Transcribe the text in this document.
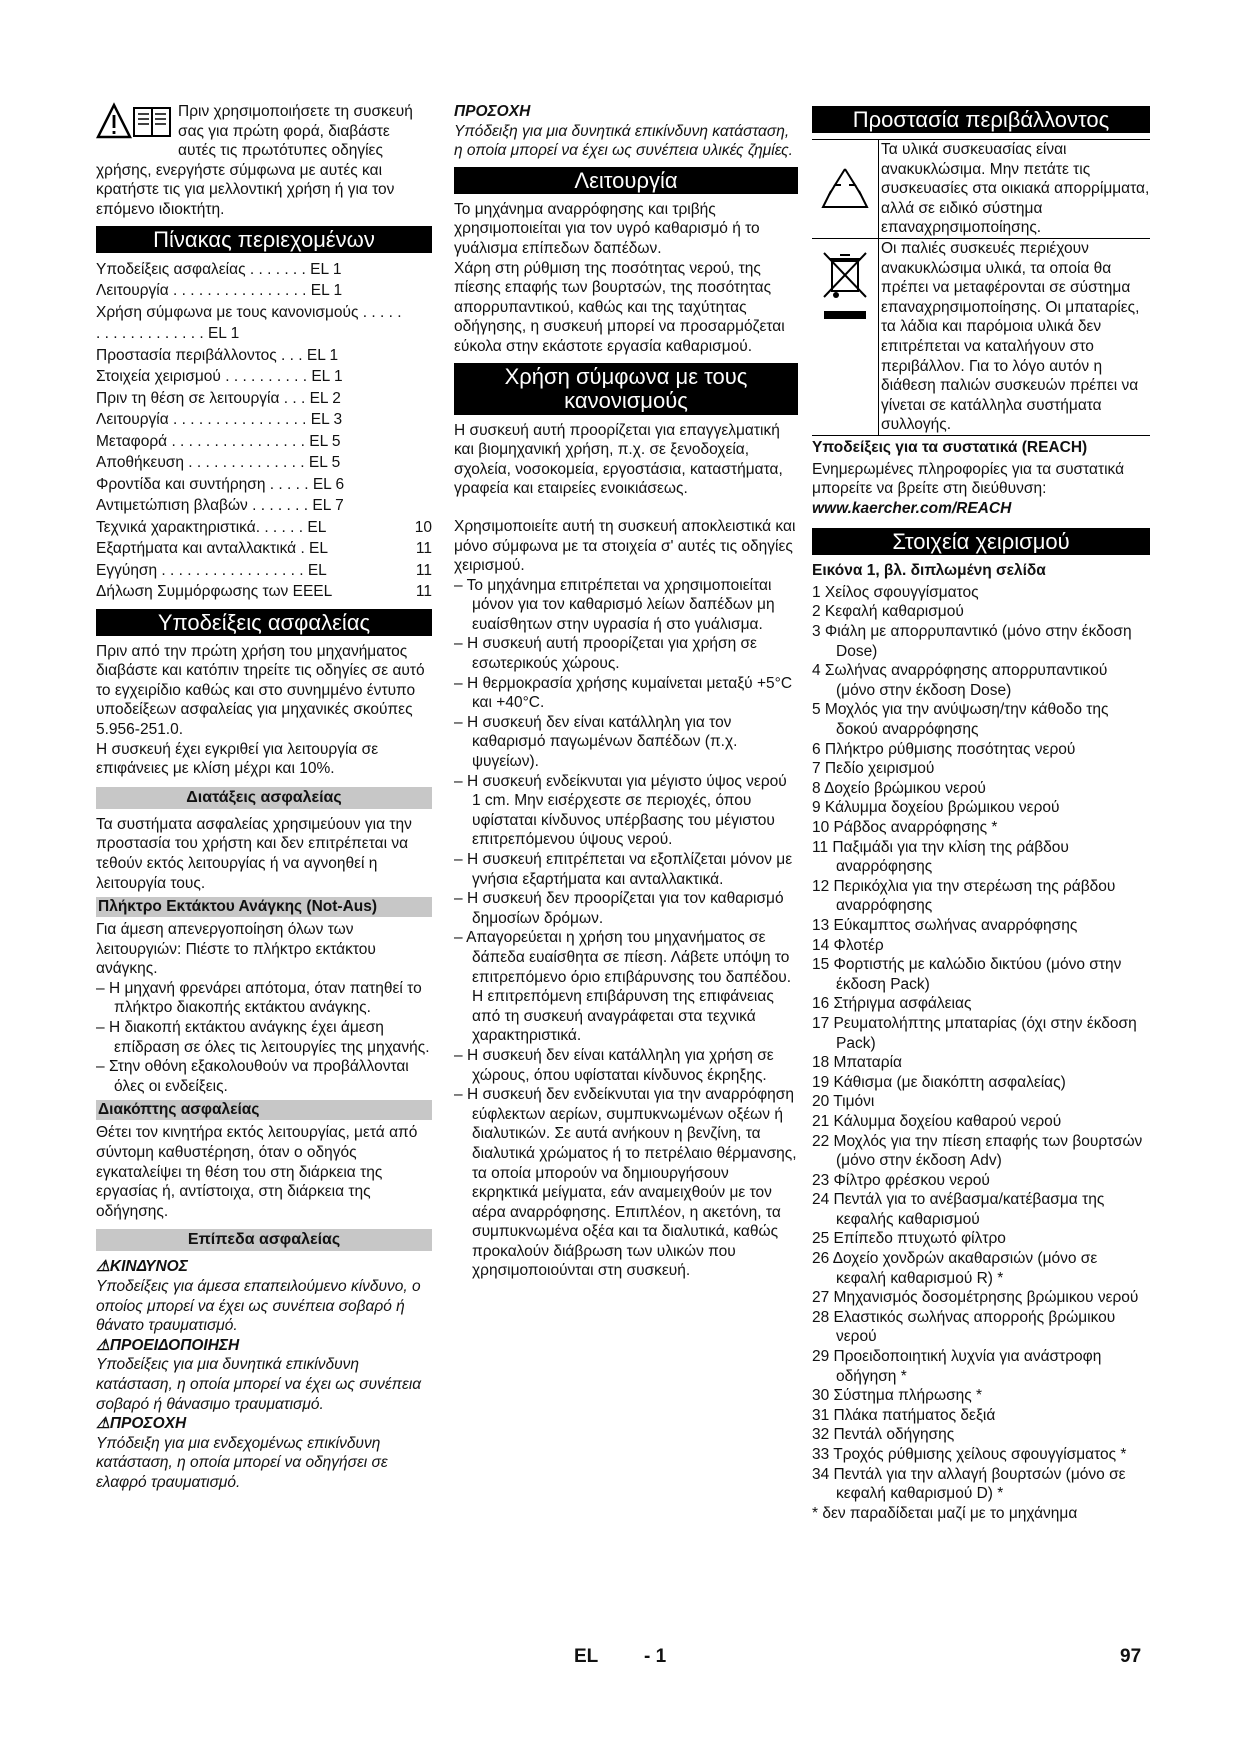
Πριν χρησιμοποιήσετε τη συσκευή σας για πρώτη φορά, διαβάστε αυτές τις πρωτότυπες οδηγίες χρήσης, ενεργήστε σύμφωνα με αυτές και κρατήστε τις για μελλοντική χρήση ή για τον επόμενο ιδιοκτήτη.

Πίνακας περιεχομένων
Υποδείξεις ασφαλείας . . . . . . . EL 1	
Λειτουργία . . . . . . . . . . . . . . . . EL 1	
Χρήση σύμφωνα με τους κανονισμούς . . . . . . . . . . . . . . . . . . EL 1	
Προστασία περιβάλλοντος . . . EL 1	
Στοιχεία χειρισμού . . . . . . . . . . EL 1	
Πριν τη θέση σε λειτουργία . . . EL 2	
Λειτουργία . . . . . . . . . . . . . . . . EL 3	
Μεταφορά . . . . . . . . . . . . . . . . EL 5	
Αποθήκευση . . . . . . . . . . . . . . EL 5	
Φροντίδα και συντήρηση . . . . . EL 6	
Αντιμετώπιση βλαβών . . . . . . . EL 7	
Τεχνικά χαρακτηριστικά. . . . . . EL	10
Εξαρτήματα και ανταλλακτικά . EL	11
Εγγύηση . . . . . . . . . . . . . . . . . EL	11
Δήλωση Συμμόρφωσης των ΕΕEL	11
Υποδείξεις ασφαλείας

Πριν από την πρώτη χρήση του μηχανήματος διαβάστε και κατόπιν τηρείτε τις οδηγίες σε αυτό το εγχειρίδιο καθώς και στο συνημμένο έντυπο υποδείξεων ασφαλείας για μηχανικές σκούπες 5.956-251.0.

Η συσκευή έχει εγκριθεί για λειτουργία σε επιφάνειες με κλίση μέχρι και 10%.

Διατάξεις ασφαλείας

Τα συστήματα ασφαλείας χρησιμεύουν για την προστασία του χρήστη και δεν επιτρέπεται να τεθούν εκτός λειτουργίας ή να αγνοηθεί η λειτουργία τους.

Πλήκτρο Εκτάκτου Ανάγκης (Not-Aus)

Για άμεση απενεργοποίηση όλων των λειτουργιών: Πιέστε το πλήκτρο εκτάκτου ανάγκης.

– Η μηχανή φρενάρει απότομα, όταν πατηθεί το πλήκτρο διακοπής εκτάκτου ανάγκης.

– Η διακοπή εκτάκτου ανάγκης έχει άμεση επίδραση σε όλες τις λειτουργίες της μηχανής.

– Στην οθόνη εξακολουθούν να προβάλλονται όλες οι ενδείξεις.

Διακόπτης ασφαλείας

Θέτει τον κινητήρα εκτός λειτουργίας, μετά από σύντομη καθυστέρηση, όταν ο οδηγός εγκαταλείψει τη θέση του στη διάρκεια της εργασίας ή, αντίστοιχα, στη διάρκεια της οδήγησης.

Επίπεδα ασφαλείας

⚠ΚΙΝΔΥΝΟΣ

Υποδείξεις για άμεσα επαπειλούμενο κίνδυνο, ο οποίος μπορεί να έχει ως συνέπεια σοβαρό ή θάνατο τραυματισμό.

⚠ΠΡΟΕΙΔΟΠΟΙΗΣΗ

Υποδείξεις για μια δυνητικά επικίνδυνη κατάσταση, η οποία μπορεί να έχει ως συνέπεια σοβαρό ή θάνασιμο τραυματισμό.

⚠ΠΡΟΣΟΧΗ

Υπόδειξη για μια ενδεχομένως επικίνδυνη κατάσταση, η οποία μπορεί να οδηγήσει σε ελαφρό τραυματισμό.

ΠΡΟΣΟΧΗ

Υπόδειξη για μια δυνητικά επικίνδυνη κατάσταση, η οποία μπορεί να έχει ως συνέπεια υλικές ζημίες.

Λειτουργία

Το μηχάνημα αναρρόφησης και τριβής χρησιμοποιείται για τον υγρό καθαρισμό ή το γυάλισμα επίπεδων δαπέδων.

Χάρη στη ρύθμιση της ποσότητας νερού, της πίεσης επαφής των βουρτσών, της ποσότητας απορρυπαντικού, καθώς και της ταχύτητας οδήγησης, η συσκευή μπορεί να προσαρμόζεται εύκολα στην εκάστοτε εργασία καθαρισμού.

Χρήση σύμφωνα με τους
κανονισμούς

Η συσκευή αυτή προορίζεται για επαγγελματική και βιομηχανική χρήση, π.χ. σε ξενοδοχεία, σχολεία, νοσοκομεία, εργοστάσια, καταστήματα, γραφεία και εταιρείες ενοικιάσεως.

Χρησιμοποιείτε αυτή τη συσκευή αποκλειστικά και μόνο σύμφωνα με τα στοιχεία σ' αυτές τις οδηγίες χειρισμού.

– Το μηχάνημα επιτρέπεται να χρησιμοποιείται μόνον για τον καθαρισμό λείων δαπέδων μη ευαίσθητων στην υγρασία ή στο γυάλισμα.

– Η συσκευή αυτή προορίζεται για χρήση σε εσωτερικούς χώρους.

– Η θερμοκρασία χρήσης κυμαίνεται μεταξύ +5°C και +40°C.

– Η συσκευή δεν είναι κατάλληλη για τον καθαρισμό παγωμένων δαπέδων (π.χ. ψυγείων).

– Η συσκευή ενδείκνυται για μέγιστο ύψος νερού 1 cm. Μην εισέρχεστε σε περιοχές, όπου υφίσταται κίνδυνος υπέρβασης του μέγιστου επιτρεπόμενου ύψους νερού.

– Η συσκευή επιτρέπεται να εξοπλίζεται μόνον με γνήσια εξαρτήματα και ανταλλακτικά.

– Η συσκευή δεν προορίζεται για τον καθαρισμό δημοσίων δρόμων.

– Απαγορεύεται η χρήση του μηχανήματος σε δάπεδα ευαίσθητα σε πίεση. Λάβετε υπόψη το επιτρεπόμενο όριο επιβάρυνσης του δαπέδου. Η επιτρεπόμενη επιβάρυνση της επιφάνειας από τη συσκευή αναγράφεται στα τεχνικά χαρακτηριστικά.

– Η συσκευή δεν είναι κατάλληλη για χρήση σε χώρους, όπου υφίσταται κίνδυνος έκρηξης.

– Η συσκευή δεν ενδείκνυται για την αναρρόφηση εύφλεκτων αερίων, συμπυκνωμένων οξέων ή διαλυτικών. Σε αυτά ανήκουν η βενζίνη, τα διαλυτικά χρώματος ή το πετρέλαιο θέρμανσης, τα οποία μπορούν να δημιουργήσουν εκρηκτικά μείγματα, εάν αναμειχθούν με τον αέρα αναρρόφησης. Επιπλέον, η ακετόνη, τα συμπυκνωμένα οξέα και τα διαλυτικά, καθώς προκαλούν διάβρωση των υλικών που χρησιμοποιούνται στη συσκευή.

Προστασία περιβάλλοντος
Τα υλικά συσκευασίας είναι ανακυκλώσιμα. Μην πετάτε τις συσκευασίες στα οικιακά απορρίμματα, αλλά σε ειδικό σύστημα επαναχρησιμοποίησης.
Οι παλιές συσκευές περιέχουν ανακυκλώσιμα υλικά, τα οποία θα πρέπει να μεταφέρονται σε σύστημα επαναχρησιμοποίησης. Οι μπαταρίες, τα λάδια και παρόμοια υλικά δεν επιτρέπεται να καταλήγουν στο περιβάλλον. Για το λόγο αυτόν η διάθεση παλιών συσκευών πρέπει να γίνεται σε κατάλληλα συστήματα συλλογής.

Υποδείξεις για τα συστατικά (REACH)

Ενημερωμένες πληροφορίες για τα συστατικά μπορείτε να βρείτε στη διεύθυνση:

www.kaercher.com/REACH

Στοιχεία χειρισμού

Εικόνα 1, βλ. διπλωμένη σελίδα

1 Χείλος σφουγγίσματος

2 Κεφαλή καθαρισμού

3 Φιάλη με απορρυπαντικό (μόνο στην έκδοση Dose)

4 Σωλήνας αναρρόφησης απορρυπαντικού (μόνο στην έκδοση Dose)

5 Μοχλός για την ανύψωση/την κάθοδο της δοκού αναρρόφησης

6 Πλήκτρο ρύθμισης ποσότητας νερού

7 Πεδίο χειρισμού

8 Δοχείο βρώμικου νερού

9 Κάλυμμα δοχείου βρώμικου νερού

10 Ράβδος αναρρόφησης *

11 Παξιμάδι για την κλίση της ράβδου αναρρόφησης

12 Περικόχλια για την στερέωση της ράβδου αναρρόφησης

13 Εύκαμπτος σωλήνας αναρρόφησης

14 Φλοτέρ

15 Φορτιστής με καλώδιο δικτύου (μόνο στην έκδοση Pack)

16 Στήριγμα ασφάλειας

17 Ρευματολήπτης μπαταρίας (όχι στην έκδοση Pack)

18 Μπαταρία

19 Κάθισμα (με διακόπτη ασφαλείας)

20 Τιμόνι

21 Κάλυμμα δοχείου καθαρού νερού

22 Μοχλός για την πίεση επαφής των βουρτσών (μόνο στην έκδοση Adv)

23 Φίλτρο φρέσκου νερού

24 Πεντάλ για το ανέβασμα/κατέβασμα της κεφαλής καθαρισμού

25 Επίπεδο πτυχωτό φίλτρο

26 Δοχείο χονδρών ακαθαρσιών (μόνο σε κεφαλή καθαρισμού R) *

27 Μηχανισμός δοσομέτρησης βρώμικου νερού

28 Ελαστικός σωλήνας απορροής βρώμικου νερού

29 Προειδοποιητική λυχνία για ανάστροφη οδήγηση *

30 Σύστημα πλήρωσης *

31 Πλάκα πατήματος δεξιά

32 Πεντάλ οδήγησης

33 Τροχός ρύθμισης χείλους σφουγγίσματος *

34 Πεντάλ για την αλλαγή βουρτσών (μόνο σε κεφαλή καθαρισμού D) *

* δεν παραδίδεται μαζί με το μηχάνημα

EL - 1	97
